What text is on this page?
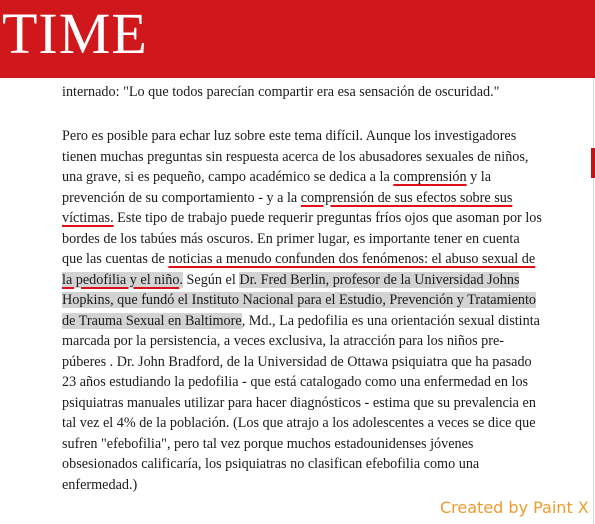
TIME
internado: "Lo que todos parecían compartir era esa sensación de oscuridad."
Pero es posible para echar luz sobre este tema difícil. Aunque los investigadores
tienen muchas preguntas sin respuesta acerca de los abusadores sexuales de niños,
una grave, si es pequeño, campo académico se dedica a la comprensión y la
prevención de su comportamiento - y a la comprensión de sus efectos sobre sus
víctimas. Este tipo de trabajo puede requerir preguntas fríos ojos que asoman por los
bordes de los tabúes más oscuros. En primer lugar, es importante tener en cuenta
que las cuentas de noticias a menudo confunden dos fenómenos: el abuso sexual de
la pedofilia y el niño. Según el Dr. Fred Berlin, profesor de la Universidad Johns
Hopkins, que fundó el Instituto Nacional para el Estudio, Prevención y Tratamiento
de Trauma Sexual en Baltimore, Md., La pedofilia es una orientación sexual distinta
marcada por la persistencia, a veces exclusiva, la atracción para los niños pre-
púberes . Dr. John Bradford, de la Universidad de Ottawa psiquiatra que ha pasado
23 años estudiando la pedofilia - que está catalogado como una enfermedad en los
psiquiatras manuales utilizar para hacer diagnósticos - estima que su prevalencia en
tal vez el 4% de la población. (Los que atrajo a los adolescentes a veces se dice que
sufren "efebofilia", pero tal vez porque muchos estadounidenses jóvenes
obsesionados calificaría, los psiquiatras no clasifican efebofilia como una
enfermedad.)
Created by Paint X
